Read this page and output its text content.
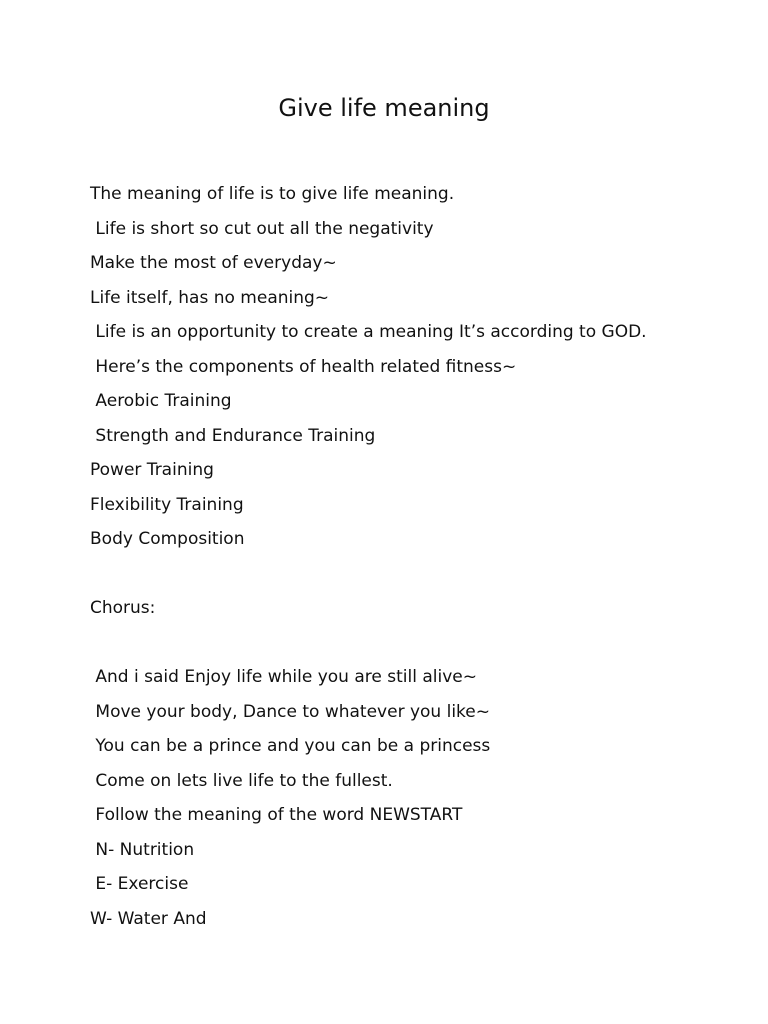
Give life meaning
The meaning of life is to give life meaning.
Life is short so cut out all the negativity
Make the most of everyday~
Life itself, has no meaning~
Life is an opportunity to create a meaning It’s according to GOD.
Here’s the components of health related fitness~
Aerobic Training
Strength and Endurance Training
Power Training
Flexibility Training
Body Composition
Chorus:
And i said Enjoy life while you are still alive~
Move your body, Dance to whatever you like~
You can be a prince and you can be a princess
Come on lets live life to the fullest.
Follow the meaning of the word NEWSTART
N- Nutrition
E- Exercise
W- Water And
